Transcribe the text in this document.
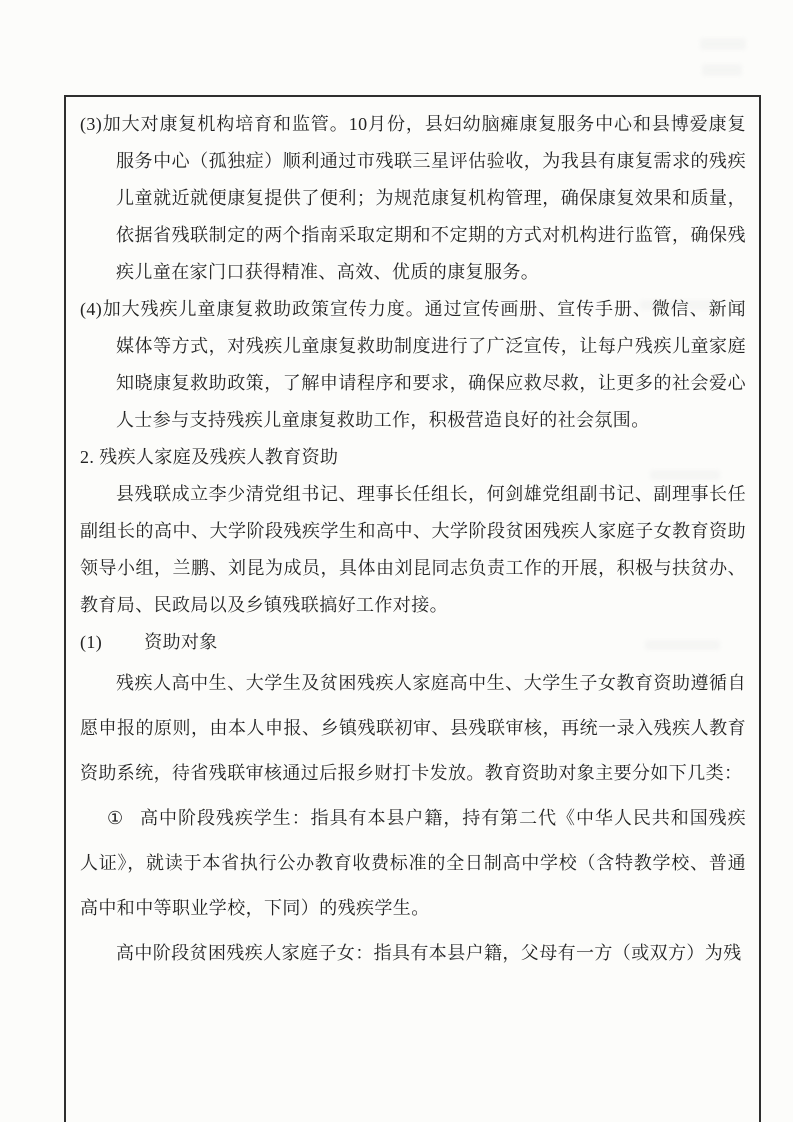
(3)加大对康复机构培育和监管。10月份，县妇幼脑瘫康复服务中心和县博爱康复服务中心（孤独症）顺利通过市残联三星评估验收，为我县有康复需求的残疾儿童就近就便康复提供了便利；为规范康复机构管理，确保康复效果和质量，依据省残联制定的两个指南采取定期和不定期的方式对机构进行监管，确保残疾儿童在家门口获得精准、高效、优质的康复服务。

(4)加大残疾儿童康复救助政策宣传力度。通过宣传画册、宣传手册、微信、新闻媒体等方式，对残疾儿童康复救助制度进行了广泛宣传，让每户残疾儿童家庭知晓康复救助政策，了解申请程序和要求，确保应救尽救，让更多的社会爱心人士参与支持残疾儿童康复救助工作，积极营造良好的社会氛围。

2. 残疾人家庭及残疾人教育资助

县残联成立李少清党组书记、理事长任组长，何剑雄党组副书记、副理事长任副组长的高中、大学阶段残疾学生和高中、大学阶段贫困残疾人家庭子女教育资助领导小组，兰鹏、刘昆为成员，具体由刘昆同志负责工作的开展，积极与扶贫办、教育局、民政局以及乡镇残联搞好工作对接。

(1) 资助对象

残疾人高中生、大学生及贫困残疾人家庭高中生、大学生子女教育资助遵循自愿申报的原则，由本人申报、乡镇残联初审、县残联审核，再统一录入残疾人教育资助系统，待省残联审核通过后报乡财打卡发放。教育资助对象主要分如下几类：

① 高中阶段残疾学生：指具有本县户籍，持有第二代《中华人民共和国残疾人证》，就读于本省执行公办教育收费标准的全日制高中学校（含特教学校、普通高中和中等职业学校，下同）的残疾学生。

高中阶段贫困残疾人家庭子女：指具有本县户籍，父母有一方（或双方）为残
